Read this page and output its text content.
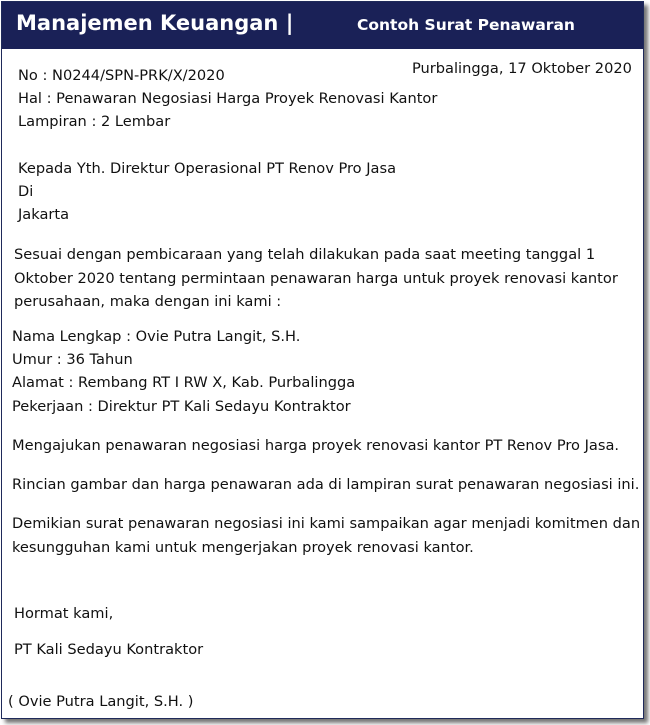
Manajemen Keuangan |	Contoh Surat Penawaran
Purbalingga, 17 Oktober 2020
No : N0244/SPN-PRK/X/2020
Hal : Penawaran Negosiasi Harga Proyek Renovasi Kantor
Lampiran : 2 Lembar
Kepada Yth. Direktur Operasional PT Renov Pro Jasa
Di
Jakarta
Sesuai dengan pembicaraan yang telah dilakukan pada saat meeting tanggal 1
Oktober 2020 tentang permintaan penawaran harga untuk proyek renovasi kantor
perusahaan, maka dengan ini kami :
Nama Lengkap : Ovie Putra Langit, S.H.
Umur : 36 Tahun
Alamat : Rembang RT I RW X, Kab. Purbalingga
Pekerjaan : Direktur PT Kali Sedayu Kontraktor
Mengajukan penawaran negosiasi harga proyek renovasi kantor PT Renov Pro Jasa.
Rincian gambar dan harga penawaran ada di lampiran surat penawaran negosiasi ini.
Demikian surat penawaran negosiasi ini kami sampaikan agar menjadi komitmen dan
kesungguhan kami untuk mengerjakan proyek renovasi kantor.
Hormat kami,
PT Kali Sedayu Kontraktor
( Ovie Putra Langit, S.H. )
